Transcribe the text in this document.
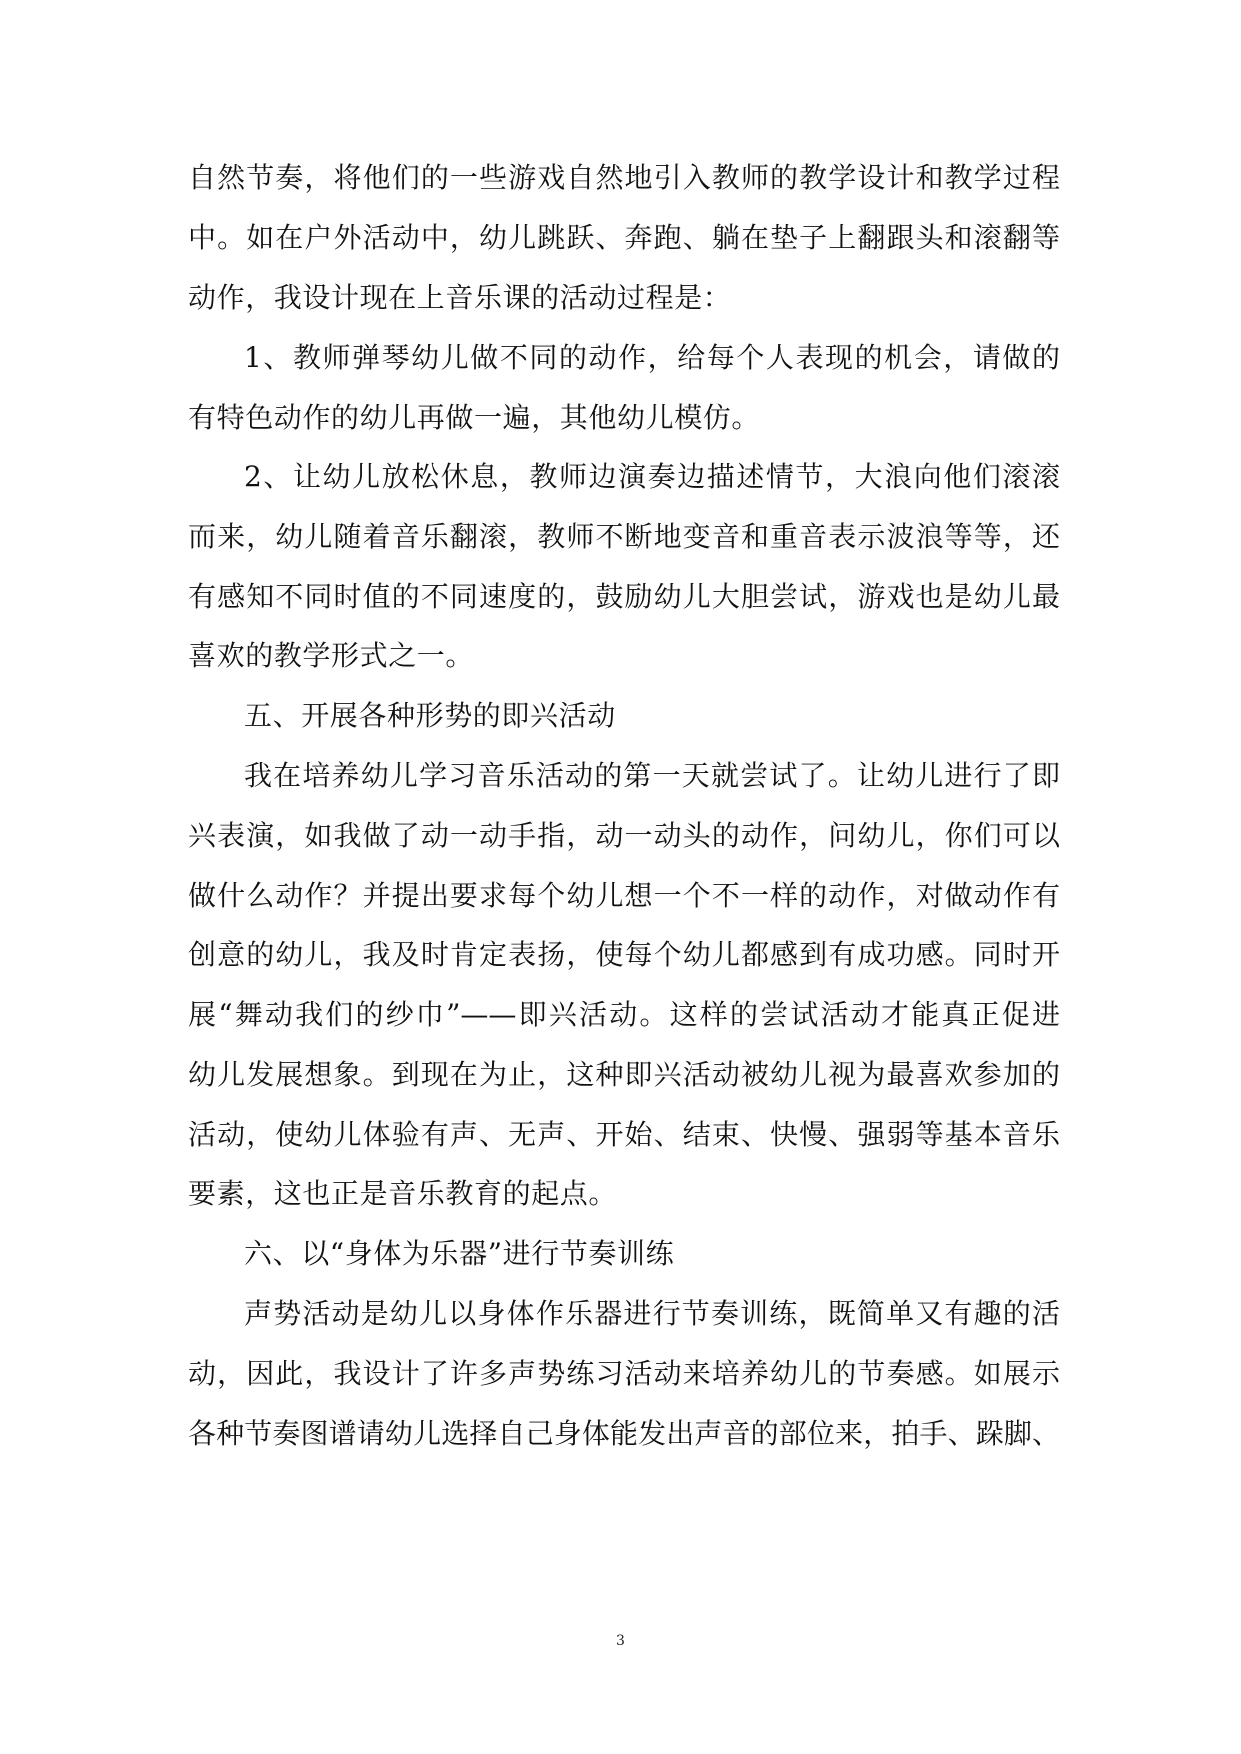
自然节奏，将他们的一些游戏自然地引入教师的教学设计和教学过程
中。如在户外活动中，幼儿跳跃、奔跑、躺在垫子上翻跟头和滚翻等
动作，我设计现在上音乐课的活动过程是：
1、教师弹琴幼儿做不同的动作，给每个人表现的机会，请做的
有特色动作的幼儿再做一遍，其他幼儿模仿。
2、让幼儿放松休息，教师边演奏边描述情节，大浪向他们滚滚
而来，幼儿随着音乐翻滚，教师不断地变音和重音表示波浪等等，还
有感知不同时值的不同速度的，鼓励幼儿大胆尝试，游戏也是幼儿最
喜欢的教学形式之一。
五、开展各种形势的即兴活动
我在培养幼儿学习音乐活动的第一天就尝试了。让幼儿进行了即
兴表演，如我做了动一动手指，动一动头的动作，问幼儿，你们可以
做什么动作？并提出要求每个幼儿想一个不一样的动作，对做动作有
创意的幼儿，我及时肯定表扬，使每个幼儿都感到有成功感。同时开
展“舞动我们的纱巾”——即兴活动。这样的尝试活动才能真正促进
幼儿发展想象。到现在为止，这种即兴活动被幼儿视为最喜欢参加的
活动，使幼儿体验有声、无声、开始、结束、快慢、强弱等基本音乐
要素，这也正是音乐教育的起点。
六、以“身体为乐器”进行节奏训练
声势活动是幼儿以身体作乐器进行节奏训练，既简单又有趣的活
动，因此，我设计了许多声势练习活动来培养幼儿的节奏感。如展示
各种节奏图谱请幼儿选择自己身体能发出声音的部位来，拍手、跺脚、
3
